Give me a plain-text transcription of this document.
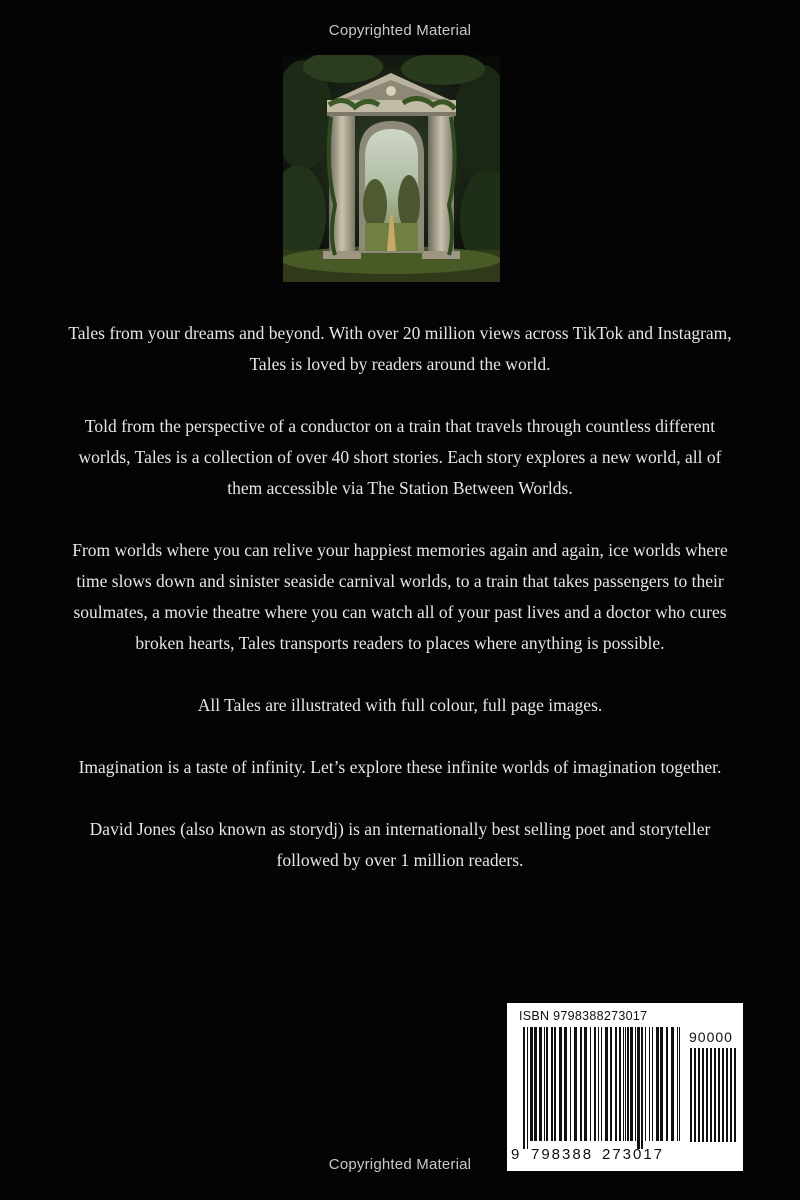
Copyrighted Material

Tales from your dreams and beyond. With over 20 million views across TikTok and Instagram, Tales is loved by readers around the world.

Told from the perspective of a conductor on a train that travels through countless different worlds, Tales is a collection of over 40 short stories. Each story explores a new world, all of them accessible via The Station Between Worlds.

From worlds where you can relive your happiest memories again and again, ice worlds where time slows down and sinister seaside carnival worlds, to a train that takes passengers to their soulmates, a movie theatre where you can watch all of your past lives and a doctor who cures broken hearts, Tales transports readers to places where anything is possible.

All Tales are illustrated with full colour, full page images.

Imagination is a taste of infinity. Let’s explore these infinite worlds of imagination together.

David Jones (also known as storydj) is an internationally best selling poet and storyteller followed by over 1 million readers.

ISBN 9798388273017
90000
9 798388 273017
Copyrighted Material
